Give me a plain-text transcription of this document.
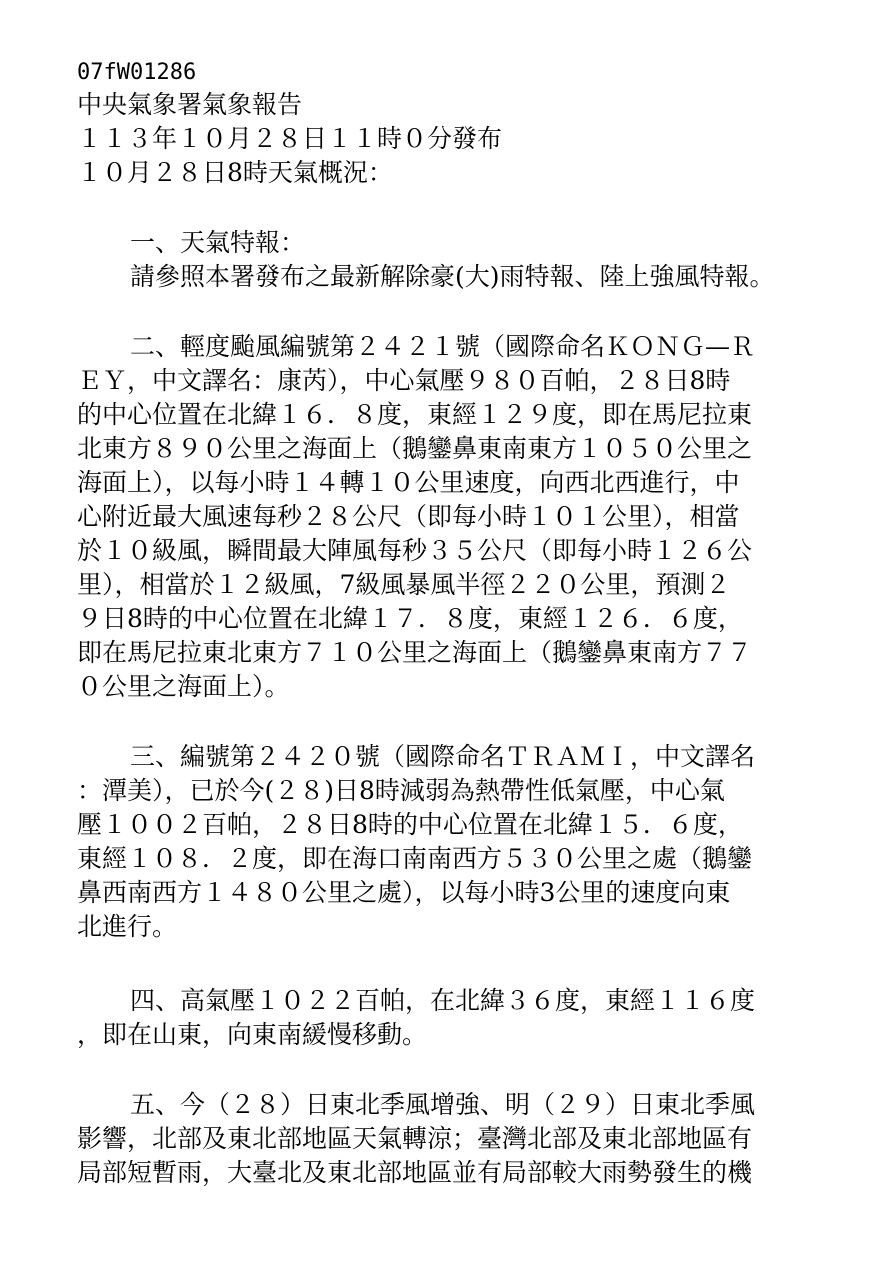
07fW01286
中央氣象署氣象報告
１１３年１０月２８日１１時０分發布
１０月２８日8時天氣概況：
一、天氣特報：
請參照本署發布之最新解除豪(大)雨特報、陸上強風特報。
二、輕度颱風編號第２４２１號（國際命名ＫＯＮＧ—Ｒ
ＥＹ，中文譯名：康芮），中心氣壓９８０百帕，２８日8時
的中心位置在北緯１６．８度，東經１２９度，即在馬尼拉東
北東方８９０公里之海面上（鵝鑾鼻東南東方１０５０公里之
海面上），以每小時１４轉１０公里速度，向西北西進行，中
心附近最大風速每秒２８公尺（即每小時１０１公里），相當
於１０級風，瞬間最大陣風每秒３５公尺（即每小時１２６公
里），相當於１２級風，7級風暴風半徑２２０公里，預測２
９日8時的中心位置在北緯１７．８度，東經１２６．６度，
即在馬尼拉東北東方７１０公里之海面上（鵝鑾鼻東南方７７
０公里之海面上）。
三、編號第２４２０號（國際命名ＴＲＡＭＩ，中文譯名
：潭美），已於今(２８)日8時減弱為熱帶性低氣壓，中心氣
壓１００２百帕，２８日8時的中心位置在北緯１５．６度，
東經１０８．２度，即在海口南南西方５３０公里之處（鵝鑾
鼻西南西方１４８０公里之處），以每小時3公里的速度向東
北進行。
四、高氣壓１０２２百帕，在北緯３６度，東經１１６度
，即在山東，向東南緩慢移動。
五、今（２８）日東北季風增強、明（２９）日東北季風
影響，北部及東北部地區天氣轉涼；臺灣北部及東北部地區有
局部短暫雨，大臺北及東北部地區並有局部較大雨勢發生的機
